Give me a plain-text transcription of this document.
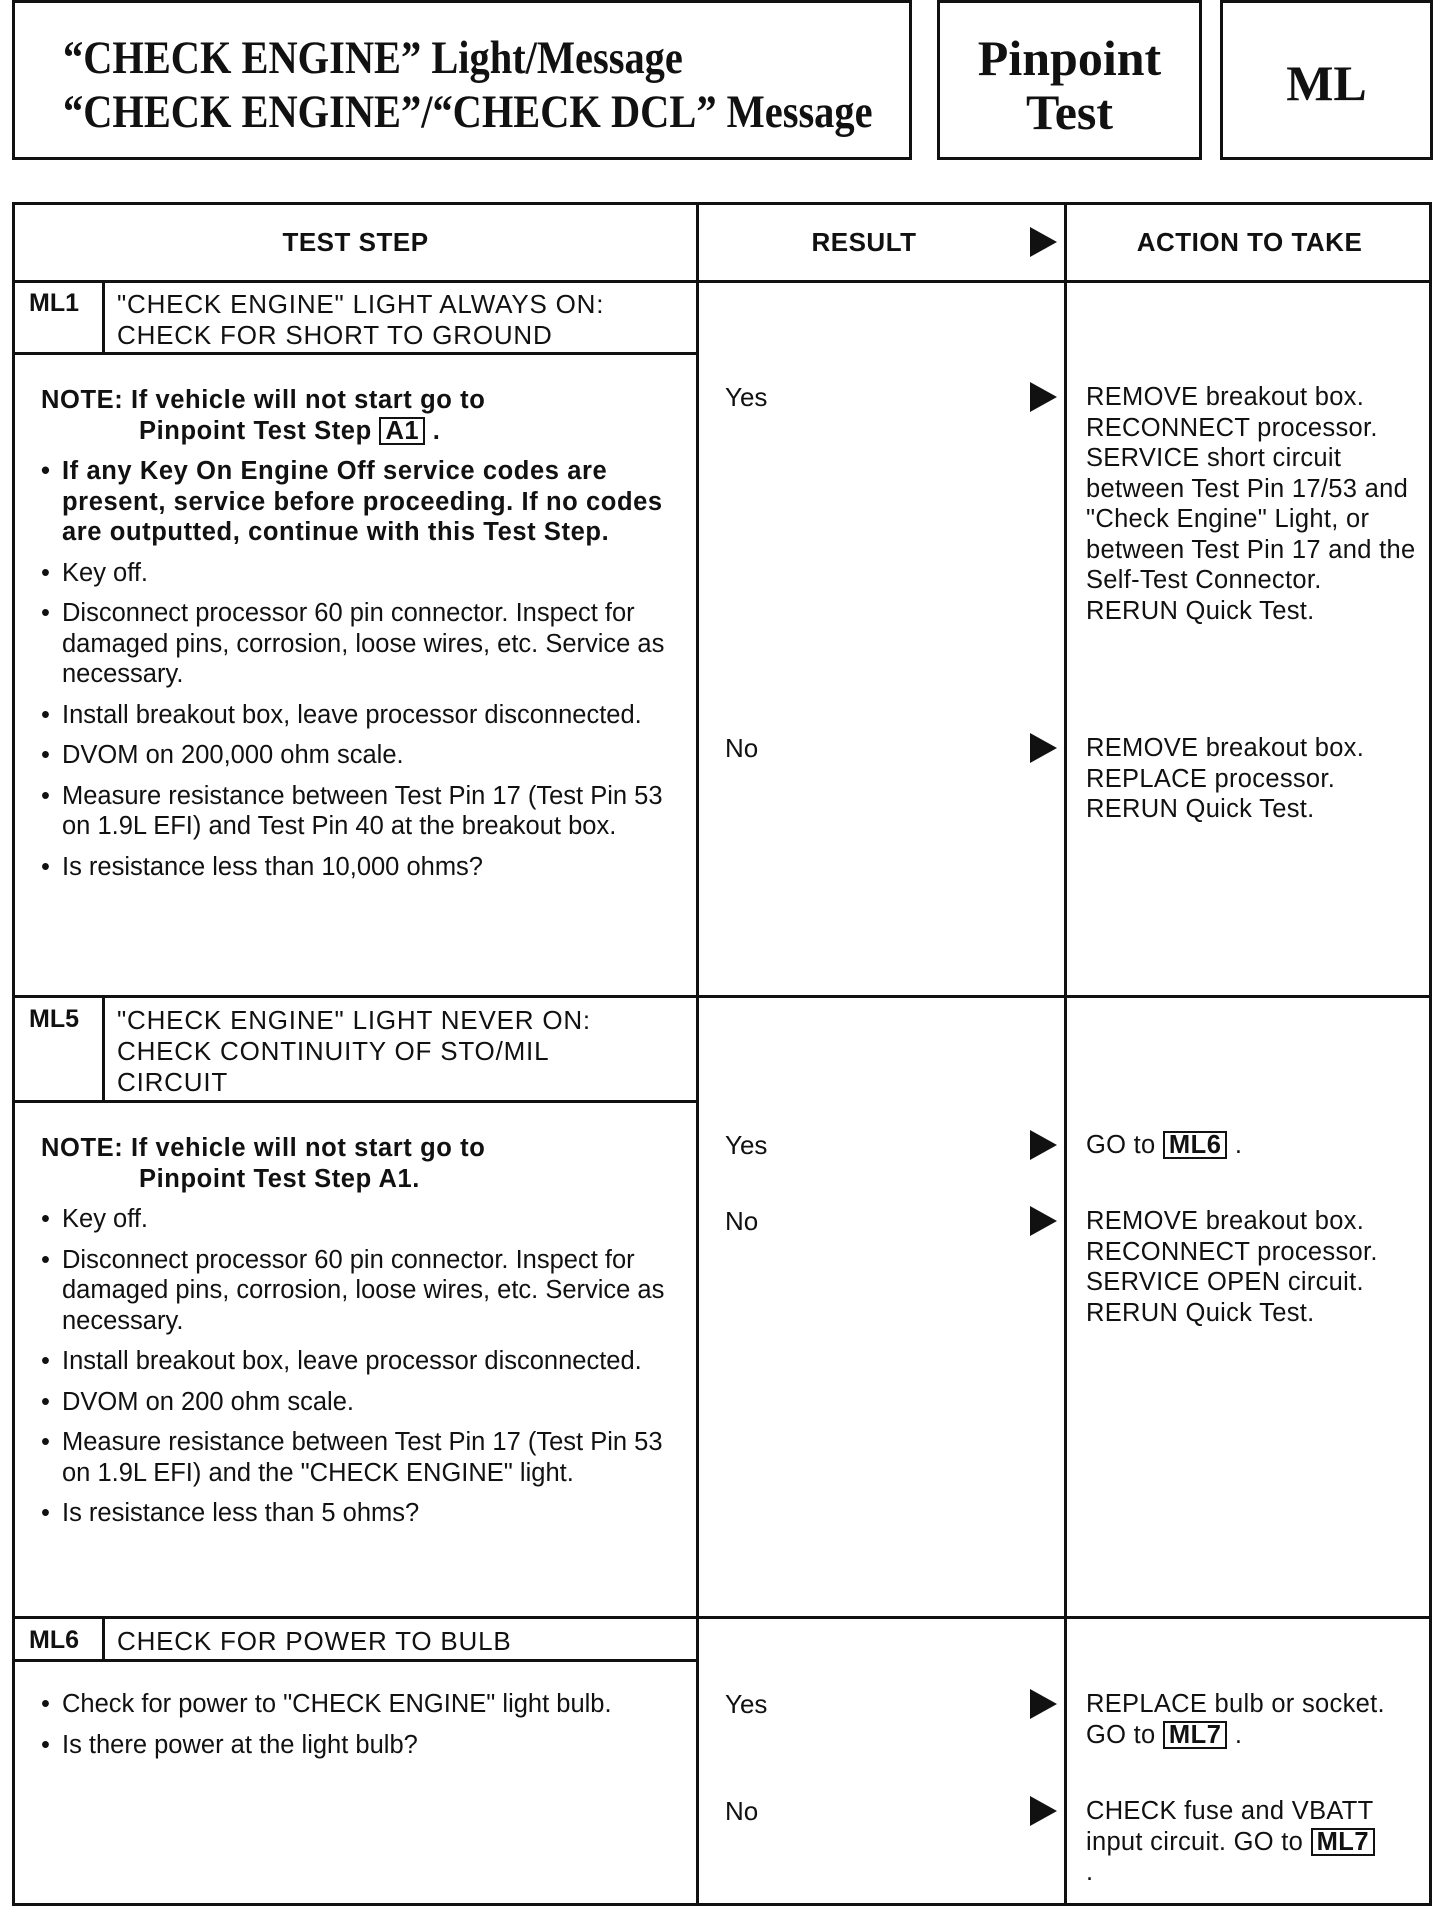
“CHECK ENGINE” Light/Message
“CHECK ENGINE”/“CHECK DCL” Message
Pinpoint
Test
ML
TEST STEP	RESULT	ACTION TO TAKE
ML1 "CHECK ENGINE" LIGHT ALWAYS ON: CHECK FOR SHORT TO GROUND
NOTE: If vehicle will not start go to
Pinpoint Test Step A1 .
• If any Key On Engine Off service codes are present, service before proceeding. If no codes are outputted, continue with this Test Step.
• Key off.
• Disconnect processor 60 pin connector. Inspect for damaged pins, corrosion, loose wires, etc. Service as necessary.
• Install breakout box, leave processor disconnected.
• DVOM on 200,000 ohm scale.
• Measure resistance between Test Pin 17 (Test Pin 53 on 1.9L EFI) and Test Pin 40 at the breakout box.
• Is resistance less than 10,000 ohms?
Yes	REMOVE breakout box. RECONNECT processor. SERVICE short circuit between Test Pin 17/53 and "Check Engine" Light, or between Test Pin 17 and the Self-Test Connector. RERUN Quick Test.
No	REMOVE breakout box. REPLACE processor. RERUN Quick Test.
ML5 "CHECK ENGINE" LIGHT NEVER ON: CHECK CONTINUITY OF STO/MIL CIRCUIT
NOTE: If vehicle will not start go to
Pinpoint Test Step A1.
• Key off.
• Disconnect processor 60 pin connector. Inspect for damaged pins, corrosion, loose wires, etc. Service as necessary.
• Install breakout box, leave processor disconnected.
• DVOM on 200 ohm scale.
• Measure resistance between Test Pin 17 (Test Pin 53 on 1.9L EFI) and the "CHECK ENGINE" light.
• Is resistance less than 5 ohms?
Yes	GO to ML6 .
No	REMOVE breakout box. RECONNECT processor. SERVICE OPEN circuit. RERUN Quick Test.
ML6 CHECK FOR POWER TO BULB
• Check for power to "CHECK ENGINE" light bulb.
• Is there power at the light bulb?
Yes	REPLACE bulb or socket. GO to ML7 .
No	CHECK fuse and VBATT input circuit. GO to ML7 .
